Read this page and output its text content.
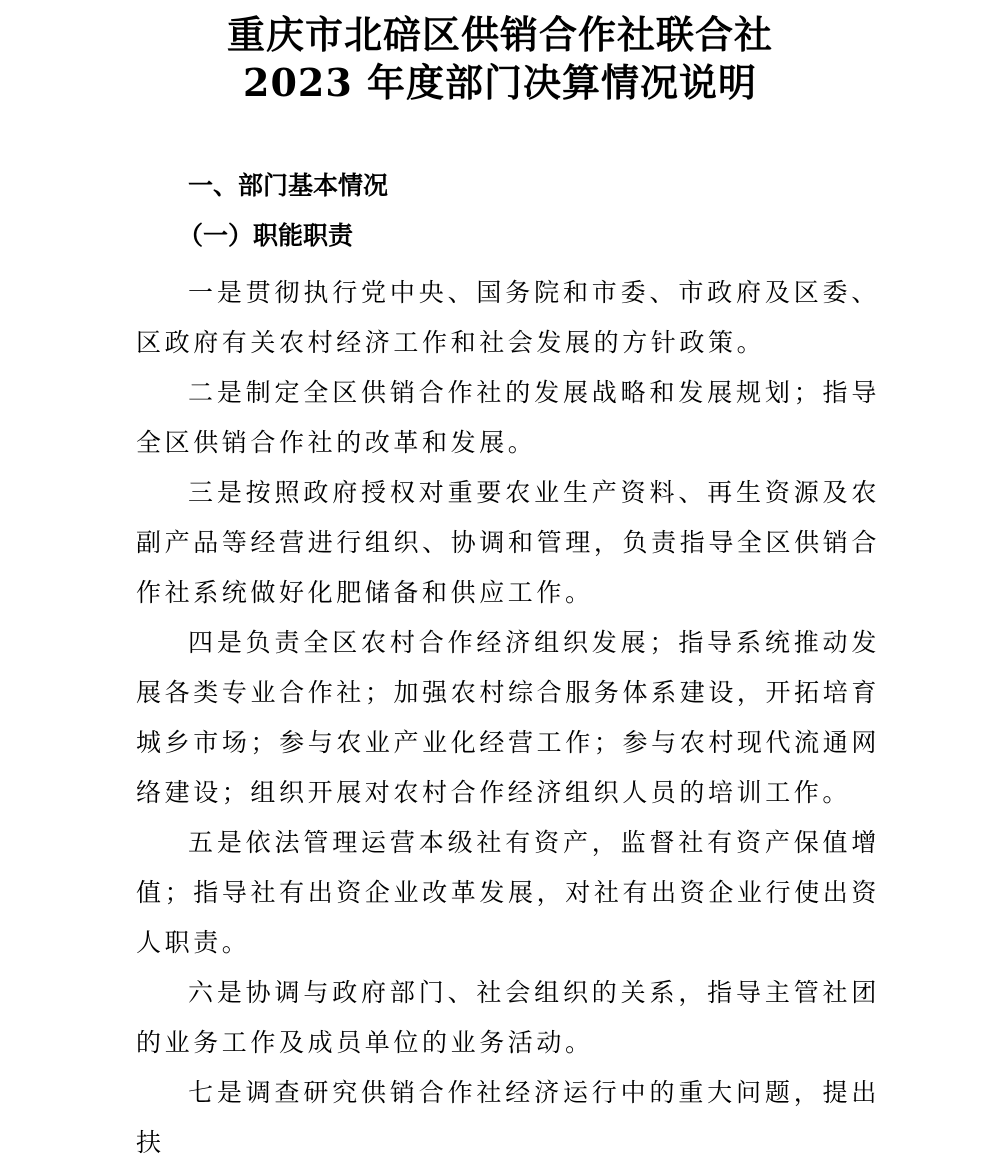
重庆市北碚区供销合作社联合社
2023 年度部门决算情况说明
一、部门基本情况
（一）职能职责

一是贯彻执行党中央、国务院和市委、市政府及区委、区政府有关农村经济工作和社会发展的方针政策。

二是制定全区供销合作社的发展战略和发展规划；指导全区供销合作社的改革和发展。

三是按照政府授权对重要农业生产资料、再生资源及农副产品等经营进行组织、协调和管理，负责指导全区供销合作社系统做好化肥储备和供应工作。

四是负责全区农村合作经济组织发展；指导系统推动发展各类专业合作社；加强农村综合服务体系建设，开拓培育城乡市场；参与农业产业化经营工作；参与农村现代流通网络建设；组织开展对农村合作经济组织人员的培训工作。

五是依法管理运营本级社有资产，监督社有资产保值增值；指导社有出资企业改革发展，对社有出资企业行使出资人职责。

六是协调与政府部门、社会组织的关系，指导主管社团的业务工作及成员单位的业务活动。

七是调查研究供销合作社经济运行中的重大问题，提出扶
